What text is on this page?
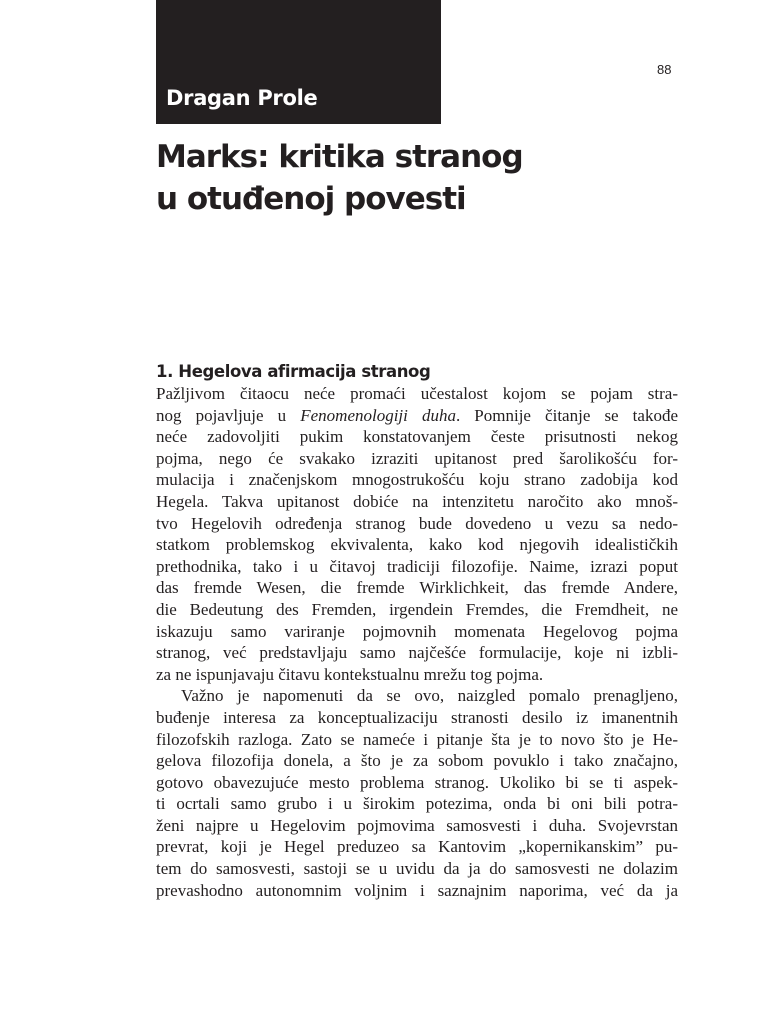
Dragan Prole
88
Marks: kritika stranog
u otuđenoj povesti
1. Hegelova afirmacija stranog
Pažljivom čitaocu neće promaći učestalost kojom se pojam stra-
nog pojavljuje u Fenomenologiji duha. Pomnije čitanje se takođe
neće zadovoljiti pukim konstatovanjem česte prisutnosti nekog
pojma, nego će svakako izraziti upitanost pred šarolikošću for-
mulacija i značenjskom mnogostrukošću koju strano zadobija kod
Hegela. Takva upitanost dobiće na intenzitetu naročito ako mnoš-
tvo Hegelovih određenja stranog bude dovedeno u vezu sa nedo-
statkom problemskog ekvivalenta, kako kod njegovih idealističkih
prethodnika, tako i u čitavoj tradiciji filozofije. Naime, izrazi poput
das fremde Wesen, die fremde Wirklichkeit, das fremde Andere,
die Bedeutung des Fremden, irgendein Fremdes, die Fremdheit, ne
iskazuju samo variranje pojmovnih momenata Hegelovog pojma
stranog, već predstavljaju samo najčešće formulacije, koje ni izbli-
za ne ispunjavaju čitavu kontekstualnu mrežu tog pojma.
Važno je napomenuti da se ovo, naizgled pomalo prenagljeno,
buđenje interesa za konceptualizaciju stranosti desilo iz imanentnih
filozofskih razloga. Zato se nameće i pitanje šta je to novo što je He-
gelova filozofija donela, a što je za sobom povuklo i tako značajno,
gotovo obavezujuće mesto problema stranog. Ukoliko bi se ti aspek-
ti ocrtali samo grubo i u širokim potezima, onda bi oni bili potra-
ženi najpre u Hegelovim pojmovima samosvesti i duha. Svojevrstan
prevrat, koji je Hegel preduzeo sa Kantovim „kopernikanskim” pu-
tem do samosvesti, sastoji se u uvidu da ja do samosvesti ne dolazim
prevashodno autonomnim voljnim i saznajnim naporima, već da ja
